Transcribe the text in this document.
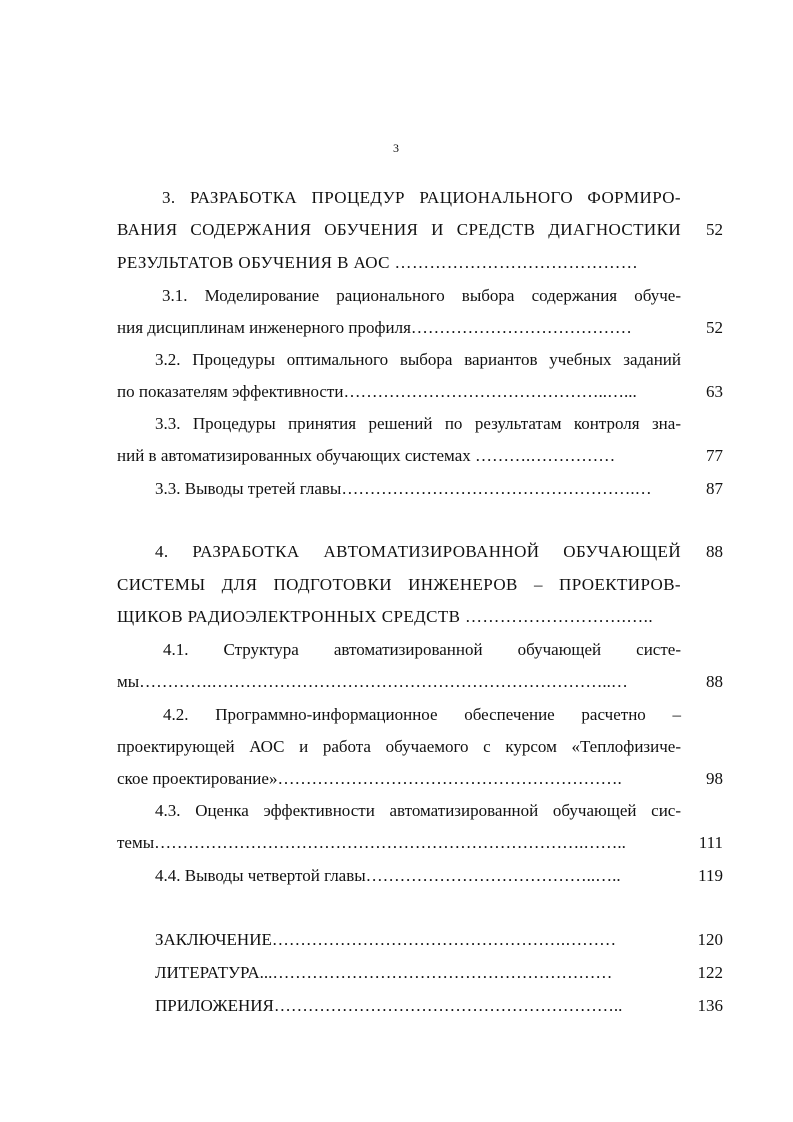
3
3. РАЗРАБОТКА ПРОЦЕДУР РАЦИОНАЛЬНОГО ФОРМИРО-
ВАНИЯ СОДЕРЖАНИЯ ОБУЧЕНИЯ И СРЕДСТВ ДИАГНОСТИКИ	52
РЕЗУЛЬТАТОВ ОБУЧЕНИЯ В АОС ……………………………………
3.1. Моделирование рационального выбора содержания обуче-
ния дисциплинам инженерного профиля…………………………………	52
3.2. Процедуры оптимального выбора вариантов учебных заданий
по показателям эффективности………………………………………..…...	63
3.3. Процедуры принятия решений по результатам контроля зна-
ний в автоматизированных обучающих системах ……….……………	77
3.3. Выводы третей главы…………………………………………….…	87
4. РАЗРАБОТКА АВТОМАТИЗИРОВАННОЙ ОБУЧАЮЩЕЙ	88
СИСТЕМЫ ДЛЯ ПОДГОТОВКИ ИНЖЕНЕРОВ – ПРОЕКТИРОВ-
ЩИКОВ РАДИОЭЛЕКТРОННЫХ СРЕДСТВ ……………………….…..
4.1. Структура автоматизированной обучающей систе-
мы………….……………………………………………………………..…	88
4.2. Программно-информационное обеспечение расчетно –
проектирующей АОС и работа обучаемого с курсом «Теплофизиче-
ское проектирование»…………………………………………………….	98
4.3. Оценка эффективности автоматизированной обучающей сис-
темы………………………………………………………………….……..	111
4.4. Выводы четвертой главы…………………………………..…..	119
ЗАКЛЮЧЕНИЕ…………………………………………….………	120
ЛИТЕРАТУРА...……………………………………………………	122
ПРИЛОЖЕНИЯ……………………………………………………..	136
